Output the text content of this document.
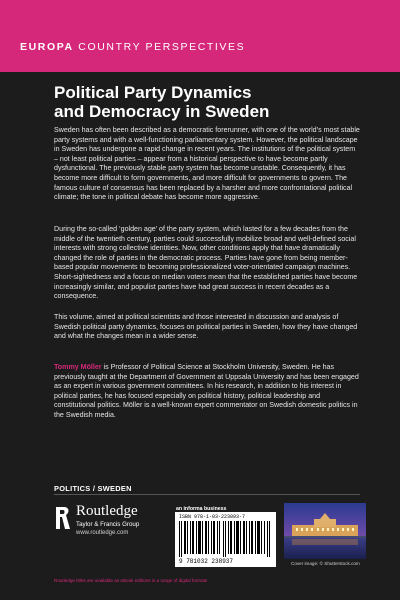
EUROPA COUNTRY PERSPECTIVES
Political Party Dynamics
and Democracy in Sweden

Sweden has often been described as a democratic forerunner, with one of the world’s most stable party systems and with a well-functioning parliamentary system. However, the political landscape in Sweden has undergone a rapid change in recent years. The institutions of the political system – not least political parties – appear from a historical perspective to have become partly dysfunctional. The previously stable party system has become unstable. Consequently, it has become more difficult to form governments, and more difficult for governments to govern. The famous culture of consensus has been replaced by a harsher and more confrontational political climate; the tone in political debate has become more aggressive.

During the so-called ‘golden age’ of the party system, which lasted for a few decades from the middle of the twentieth century, parties could successfully mobilize broad and well-defined social interests with strong collective identities. Now, other conditions apply that have dramatically changed the role of parties in the democratic process. Parties have gone from being member-based popular movements to becoming professionalized voter-orientated campaign machines. Short-sightedness and a focus on median voters mean that the established parties have become increasingly similar, and populist parties have had great success in recent decades as a consequence.

This volume, aimed at political scientists and those interested in discussion and analysis of Swedish political party dynamics, focuses on political parties in Sweden, how they have changed and what the changes mean in a wider sense.

Tommy Möller is Professor of Political Science at Stockholm University, Sweden. He has previously taught at the Department of Government at Uppsala University and has been engaged as an expert in various government committees. In his research, in addition to his interest in political parties, he has focused especially on political history, political leadership and constitutional politics. Möller is a well-known expert commentator on Swedish domestic politics in the Swedish media.

POLITICS / SWEDEN
Routledge
Taylor & Francis Group
www.routledge.com
an informa business
ISBN 978-1-03-223893-7
9 781032 238937	Cover image: © Shutterstock.com
Routledge titles are available as eBook editions in a range of digital formats
